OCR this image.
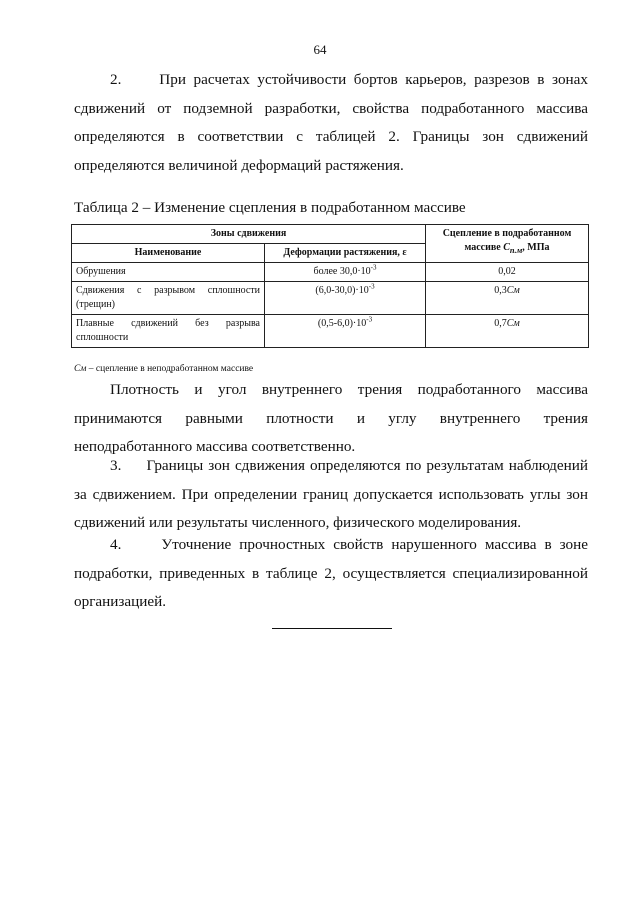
64

2. При расчетах устойчивости бортов карьеров, разрезов в зонах сдвижений от подземной разработки, свойства подработанного массива определяются в соответствии с таблицей 2. Границы зон сдвижений определяются величиной деформаций растяжения.

Таблица 2 – Изменение сцепления в подработанном массиве
Зоны сдвижения		Сцепление в подработанном массиве $C_{п.м}$, МПа
Наименование	Деформации растяжения, ε	
Обрушения	более $30,0\cdot 10^{-3}$	0,02
Сдвижения с разрывом сплошности (трещин)	$(6,0-30,0)\cdot 10^{-3}$	0,3Cм
Плавные сдвижений без разрыва сплошности	$(0,5-6,0)\cdot 10^{-3}$	0,7Cм
Cм – сцепление в неподработанном массиве

Плотность и угол внутреннего трения подработанного массива принимаются равными плотности и углу внутреннего трения неподработанного массива соответственно.

3. Границы зон сдвижения определяются по результатам наблюдений за сдвижением. При определении границ допускается использовать углы зон сдвижений или результаты численного, физического моделирования.

4.	Уточнение прочностных свойств нарушенного массива в зоне подработки, приведенных в таблице 2, осуществляется специализированной организацией.
